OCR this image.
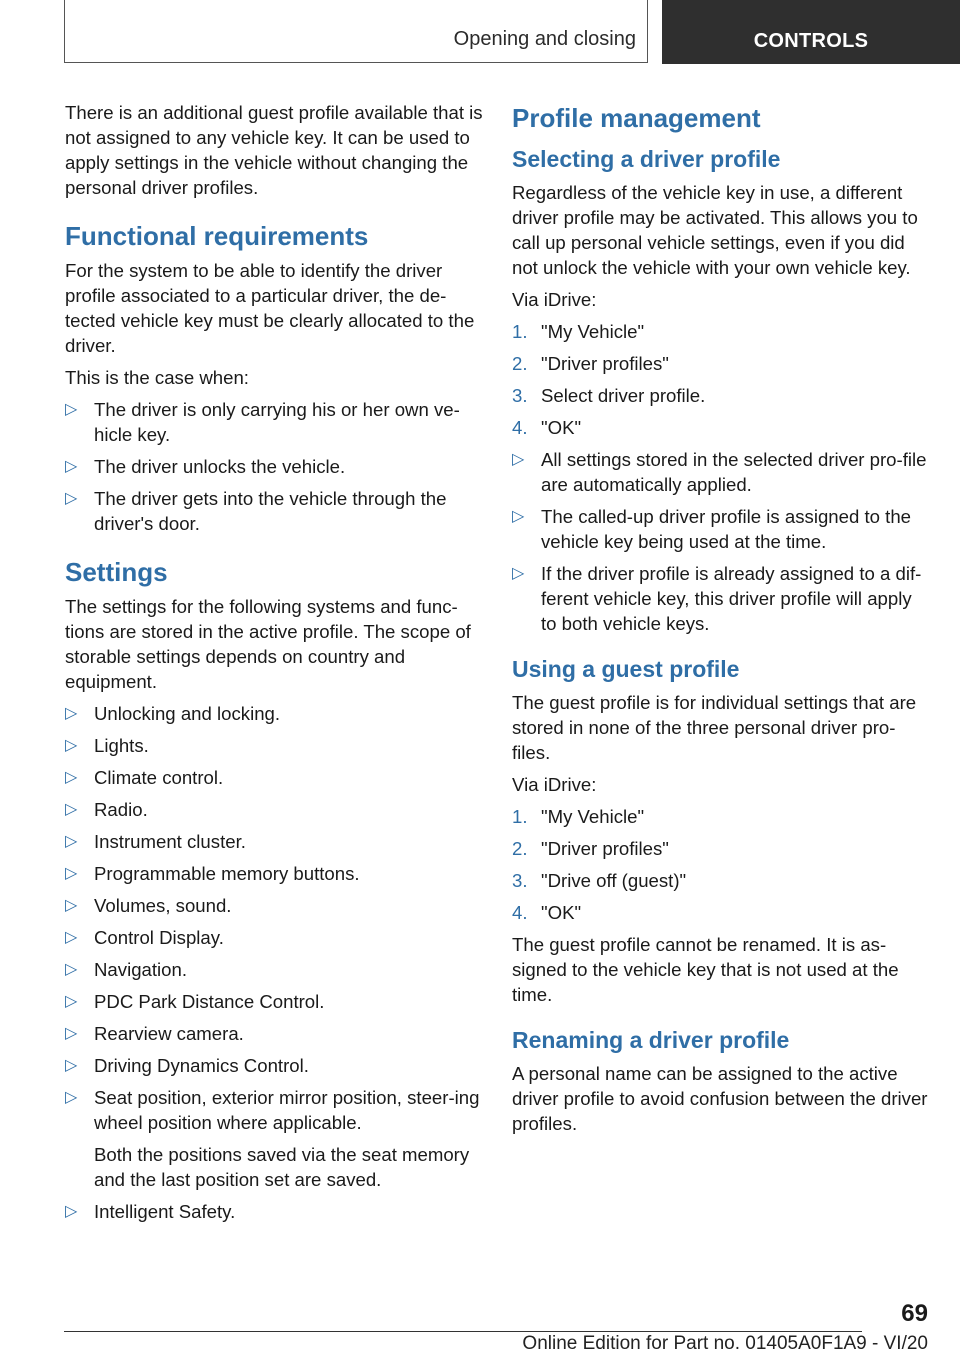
Opening and closing	CONTROLS

There is an additional guest profile available that is not assigned to any vehicle key. It can be used to apply settings in the vehicle without changing the personal driver profiles.

Functional requirements

For the system to be able to identify the driver profile associated to a particular driver, the de‐tected vehicle key must be clearly allocated to the driver.

This is the case when:

▷ The driver is only carrying his or her own ve‐hicle key.
▷ The driver unlocks the vehicle.
▷ The driver gets into the vehicle through the driver's door.
Settings

The settings for the following systems and func‐tions are stored in the active profile. The scope of storable settings depends on country and equipment.

▷ Unlocking and locking.
▷ Lights.
▷ Climate control.
▷ Radio.
▷ Instrument cluster.
▷ Programmable memory buttons.
▷ Volumes, sound.
▷ Control Display.
▷ Navigation.
▷ PDC Park Distance Control.
▷ Rearview camera.
▷ Driving Dynamics Control.
▷ Seat position, exterior mirror position, steer‐ing wheel position where applicable.
Both the positions saved via the seat memory and the last position set are saved.
▷ Intelligent Safety.
Profile management
Selecting a driver profile

Regardless of the vehicle key in use, a different driver profile may be activated. This allows you to call up personal vehicle settings, even if you did not unlock the vehicle with your own vehicle key.

Via iDrive:

1. "My Vehicle"
2. "Driver profiles"
3. Select driver profile.
4. "OK"
▷ All settings stored in the selected driver pro‐file are automatically applied.
▷ The called-up driver profile is assigned to the vehicle key being used at the time.
▷ If the driver profile is already assigned to a dif‐ferent vehicle key, this driver profile will apply to both vehicle keys.
Using a guest profile

The guest profile is for individual settings that are stored in none of the three personal driver pro‐files.

Via iDrive:

1. "My Vehicle"
2. "Driver profiles"
3. "Drive off (guest)"
4. "OK"

The guest profile cannot be renamed. It is as‐signed to the vehicle key that is not used at the time.

Renaming a driver profile

A personal name can be assigned to the active driver profile to avoid confusion between the driver profiles.

69
Online Edition for Part no. 01405A0F1A9 - VI/20
